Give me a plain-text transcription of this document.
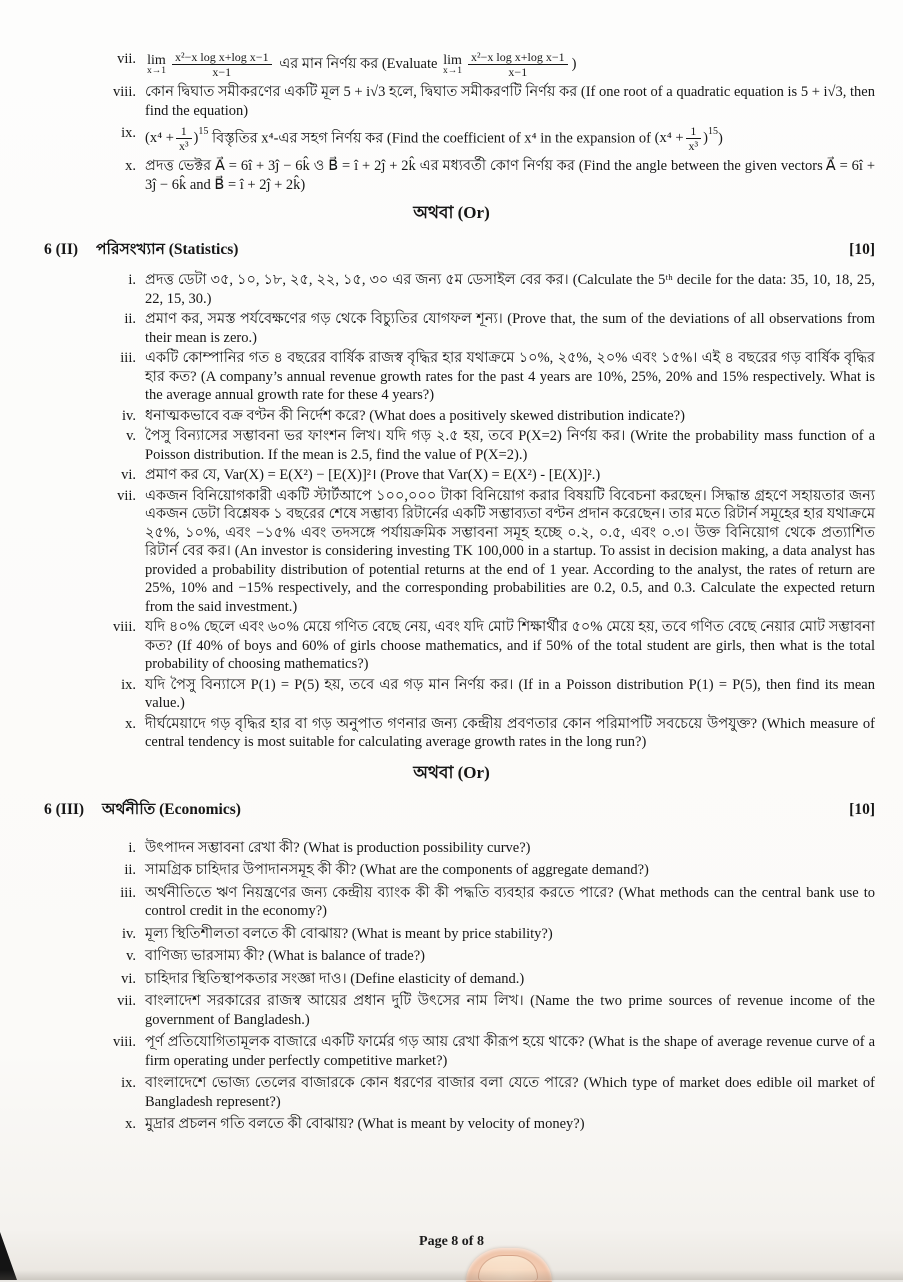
vii. lim
$x\to 1 \frac{\text{x²−x log x+log x−1}}{x-1}$ এর মান নির্ণয় কর (Evaluate lim
$x\to 1 \frac{\text{x²−x log x+log x−1}}{x-1}$ )
viii. কোন দ্বিঘাত সমীকরণের একটি মূল 5 + i√3 হলে, দ্বিঘাত সমীকরণটি নির্ণয় কর (If one root of a quadratic equation is 5 + i√3, then find the equation)
ix. $(x^4 + \frac{1}{\text{x³}} )^{15}$ বিস্তৃতির x⁴-এর সহগ নির্ণয় কর (Find the coefficient of x⁴ in the expansion of $(x^4 + \frac{1}{\text{x³}} )^{15}$ )
x. প্রদত্ত ভেক্টর A⃗ = 6î + 3ĵ − 6k̂ ও B⃗ = î + 2ĵ + 2k̂ এর মধ্যবর্তী কোণ নির্ণয় কর (Find the angle between the given vectors A⃗ = 6î + 3ĵ − 6k̂ and B⃗ = î + 2ĵ + 2k̂)
অথবা (Or)
6 (II) পরিসংখ্যান (Statistics)	[10]
i. প্রদত্ত ডেটা ৩৫, ১০, ১৮, ২৫, ২২, ১৫, ৩০ এর জন্য ৫ম ডেসাইল বের কর। (Calculate the 5ᵗʰ decile for the data: 35, 10, 18, 25, 22, 15, 30.)
ii. প্রমাণ কর, সমস্ত পর্যবেক্ষণের গড় থেকে বিচ্যুতির যোগফল শূন্য। (Prove that, the sum of the deviations of all observations from their mean is zero.)
iii. একটি কোম্পানির গত ৪ বছরের বার্ষিক রাজস্ব বৃদ্ধির হার যথাক্রমে ১০%, ২৫%, ২০% এবং ১৫%। এই ৪ বছরের গড় বার্ষিক বৃদ্ধির হার কত? (A company’s annual revenue growth rates for the past 4 years are 10%, 25%, 20% and 15% respectively. What is the average annual growth rate for these 4 years?)
iv. ধনাত্মকভাবে বক্র বণ্টন কী নির্দেশ করে? (What does a positively skewed distribution indicate?)
v. পৈসু বিন্যাসের সম্ভাবনা ভর ফাংশন লিখ। যদি গড় ২.৫ হয়, তবে P(X=2) নির্ণয় কর। (Write the probability mass function of a Poisson distribution. If the mean is 2.5, find the value of P(X=2).)
vi. প্রমাণ কর যে, Var(X) = E(X²) − [E(X)]²। (Prove that Var(X) = E(X²) - [E(X)]².)
vii. একজন বিনিয়োগকারী একটি স্টার্টআপে ১০০,০০০ টাকা বিনিয়োগ করার বিষয়টি বিবেচনা করছেন। সিদ্ধান্ত গ্রহণে সহায়তার জন্য একজন ডেটা বিশ্লেষক ১ বছরের শেষে সম্ভাব্য রিটার্নের একটি সম্ভাব্যতা বণ্টন প্রদান করেছেন। তার মতে রিটার্ন সমূহের হার যথাক্রমে ২৫%, ১০%, এবং −১৫% এবং তদসঙ্গে পর্যায়ক্রমিক সম্ভাবনা সমূহ হচ্ছে ০.২, ০.৫, এবং ০.৩। উক্ত বিনিয়োগ থেকে প্রত্যাশিত রিটার্ন বের কর। (An investor is considering investing TK 100,000 in a startup. To assist in decision making, a data analyst has provided a probability distribution of potential returns at the end of 1 year. According to the analyst, the rates of return are 25%, 10% and −15% respectively, and the corresponding probabilities are 0.2, 0.5, and 0.3. Calculate the expected return from the said investment.)
viii. যদি ৪০% ছেলে এবং ৬০% মেয়ে গণিত বেছে নেয়, এবং যদি মোট শিক্ষার্থীর ৫০% মেয়ে হয়, তবে গণিত বেছে নেয়ার মোট সম্ভাবনা কত? (If 40% of boys and 60% of girls choose mathematics, and if 50% of the total student are girls, then what is the total probability of choosing mathematics?)
ix. যদি পৈসু বিন্যাসে P(1) = P(5) হয়, তবে এর গড় মান নির্ণয় কর। (If in a Poisson distribution P(1) = P(5), then find its mean value.)
x. দীর্ঘমেয়াদে গড় বৃদ্ধির হার বা গড় অনুপাত গণনার জন্য কেন্দ্রীয় প্রবণতার কোন পরিমাপটি সবচেয়ে উপযুক্ত? (Which measure of central tendency is most suitable for calculating average growth rates in the long run?)
অথবা (Or)
6 (III) অর্থনীতি (Economics)	[10]
i. উৎপাদন সম্ভাবনা রেখা কী? (What is production possibility curve?)
ii. সামগ্রিক চাহিদার উপাদানসমূহ কী কী? (What are the components of aggregate demand?)
iii. অর্থনীতিতে ঋণ নিয়ন্ত্রণের জন্য কেন্দ্রীয় ব্যাংক কী কী পদ্ধতি ব্যবহার করতে পারে? (What methods can the central bank use to control credit in the economy?)
iv. মূল্য স্থিতিশীলতা বলতে কী বোঝায়? (What is meant by price stability?)
v. বাণিজ্য ভারসাম্য কী? (What is balance of trade?)
vi. চাহিদার স্থিতিস্থাপকতার সংজ্ঞা দাও। (Define elasticity of demand.)
vii. বাংলাদেশ সরকারের রাজস্ব আয়ের প্রধান দুটি উৎসের নাম লিখ। (Name the two prime sources of revenue income of the government of Bangladesh.)
viii. পূর্ণ প্রতিযোগিতামূলক বাজারে একটি ফার্মের গড় আয় রেখা কীরূপ হয়ে থাকে? (What is the shape of average revenue curve of a firm operating under perfectly competitive market?)
ix. বাংলাদেশে ভোজ্য তেলের বাজারকে কোন ধরণের বাজার বলা যেতে পারে? (Which type of market does edible oil market of Bangladesh represent?)
x. মুদ্রার প্রচলন গতি বলতে কী বোঝায়? (What is meant by velocity of money?)
Page 8 of 8
